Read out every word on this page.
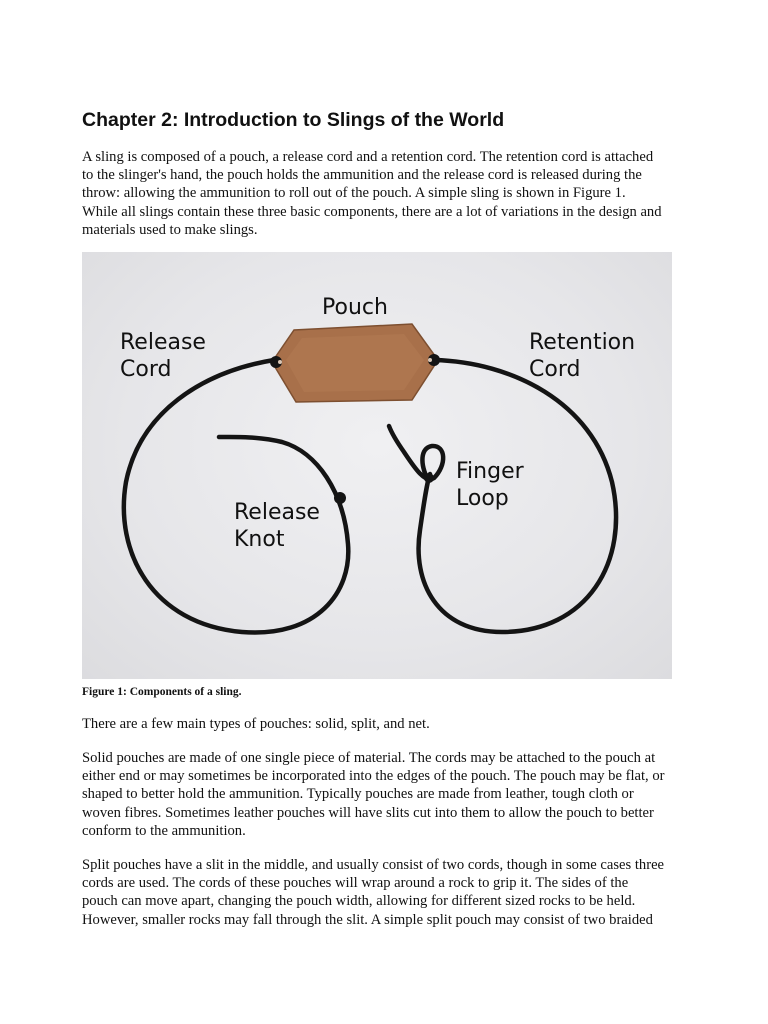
Chapter 2: Introduction to Slings of the World

A sling is composed of a pouch, a release cord and a retention cord. The retention cord is attached
to the slinger's hand, the pouch holds the ammunition and the release cord is released during the
throw: allowing the ammunition to roll out of the pouch. A simple sling is shown in Figure 1.
While all slings contain these three basic components, there are a lot of variations in the design and
materials used to make slings.

Pouch
Release
Cord
Retention
Cord
Finger
Loop
Release
Knot

Figure 1: Components of a sling.

There are a few main types of pouches: solid, split, and net.

Solid pouches are made of one single piece of material. The cords may be attached to the pouch at
either end or may sometimes be incorporated into the edges of the pouch. The pouch may be flat, or
shaped to better hold the ammunition. Typically pouches are made from leather, tough cloth or
woven fibres. Sometimes leather pouches will have slits cut into them to allow the pouch to better
conform to the ammunition.

Split pouches have a slit in the middle, and usually consist of two cords, though in some cases three
cords are used. The cords of these pouches will wrap around a rock to grip it. The sides of the
pouch can move apart, changing the pouch width, allowing for different sized rocks to be held.
However, smaller rocks may fall through the slit. A simple split pouch may consist of two braided
